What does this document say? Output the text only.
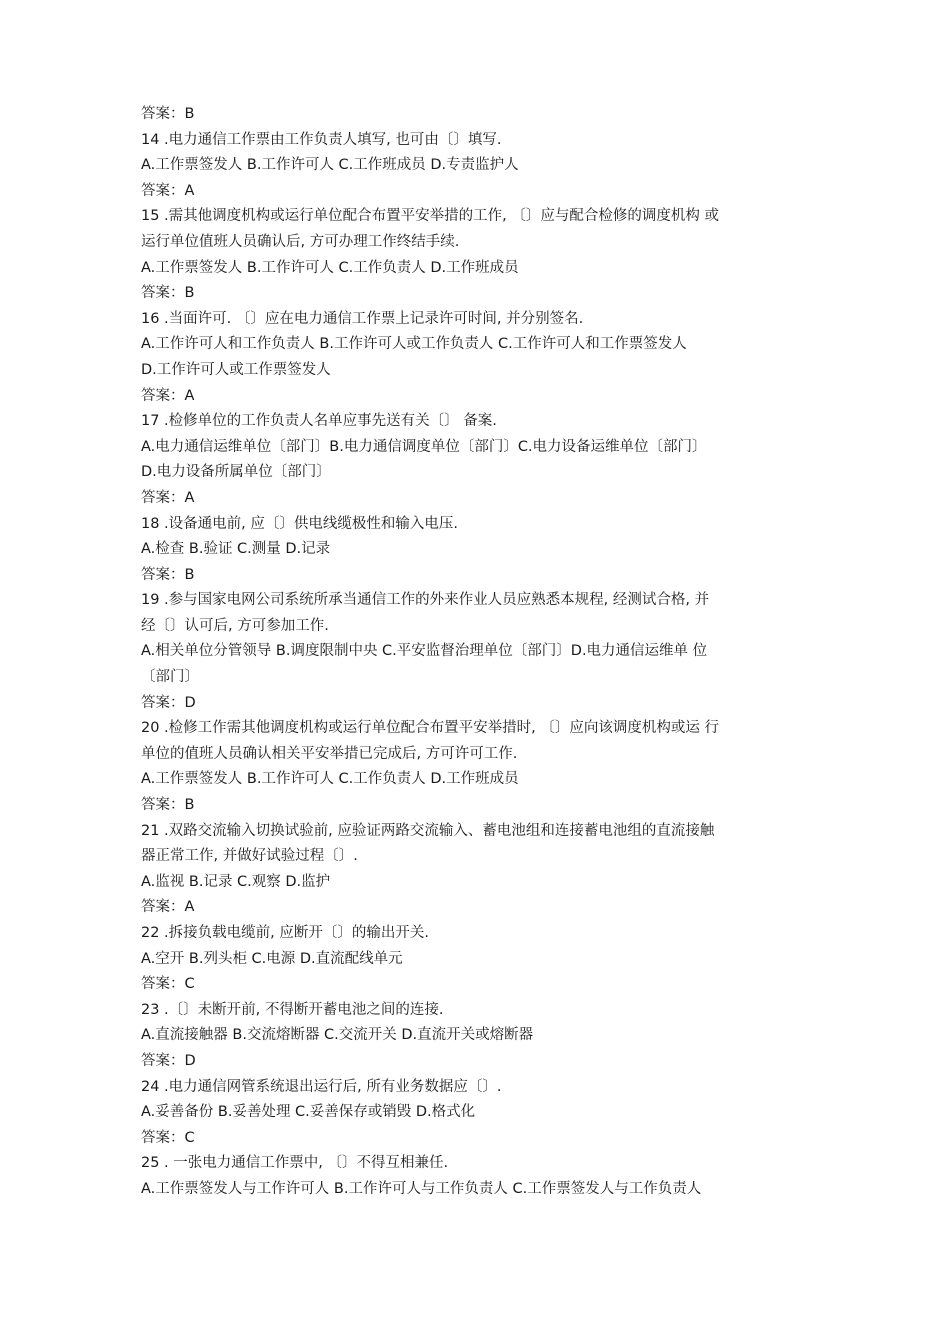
答案：B
14 .电力通信工作票由工作负责人填写, 也可由〔〕填写.
A.工作票签发人 B.工作许可人 C.工作班成员 D.专责监护人
答案：A
15 .需其他调度机构或运行单位配合布置平安举措的工作, 〔〕应与配合检修的调度机构 或
运行单位值班人员确认后, 方可办理工作终结手续.
A.工作票签发人 B.工作许可人 C.工作负责人 D.工作班成员
答案：B
16 .当面许可. 〔〕应在电力通信工作票上记录许可时间, 并分别签名.
A.工作许可人和工作负责人 B.工作许可人或工作负责人 C.工作许可人和工作票签发人
D.工作许可人或工作票签发人
答案：A
17 .检修单位的工作负责人名单应事先送有关〔〕 备案.
A.电力通信运维单位〔部门〕B.电力通信调度单位〔部门〕C.电力设备运维单位〔部门〕
D.电力设备所属单位〔部门〕
答案：A
18 .设备通电前, 应〔〕供电线缆极性和输入电压.
A.检查 B.验证 C.测量 D.记录
答案：B
19 .参与国家电网公司系统所承当通信工作的外来作业人员应熟悉本规程, 经测试合格, 并
经〔〕认可后, 方可参加工作.
A.相关单位分管领导 B.调度限制中央 C.平安监督治理单位〔部门〕D.电力通信运维单 位
〔部门〕
答案：D
20 .检修工作需其他调度机构或运行单位配合布置平安举措时, 〔〕应向该调度机构或运 行
单位的值班人员确认相关平安举措已完成后, 方可许可工作.
A.工作票签发人 B.工作许可人 C.工作负责人 D.工作班成员
答案：B
21 .双路交流输入切换试验前, 应验证两路交流输入、蓄电池组和连接蓄电池组的直流接触
器正常工作, 并做好试验过程〔〕.
A.监视 B.记录 C.观察 D.监护
答案：A
22 .拆接负载电缆前, 应断开〔〕的输出开关.
A.空开 B.列头柜 C.电源 D.直流配线单元
答案：C
23 .〔〕未断开前, 不得断开蓄电池之间的连接.
A.直流接触器 B.交流熔断器 C.交流开关 D.直流开关或熔断器
答案：D
24 .电力通信网管系统退出运行后, 所有业务数据应〔〕.
A.妥善备份 B.妥善处理 C.妥善保存或销毁 D.格式化
答案：C
25 . 一张电力通信工作票中, 〔〕不得互相兼任.
A.工作票签发人与工作许可人 B.工作许可人与工作负责人 C.工作票签发人与工作负责人
